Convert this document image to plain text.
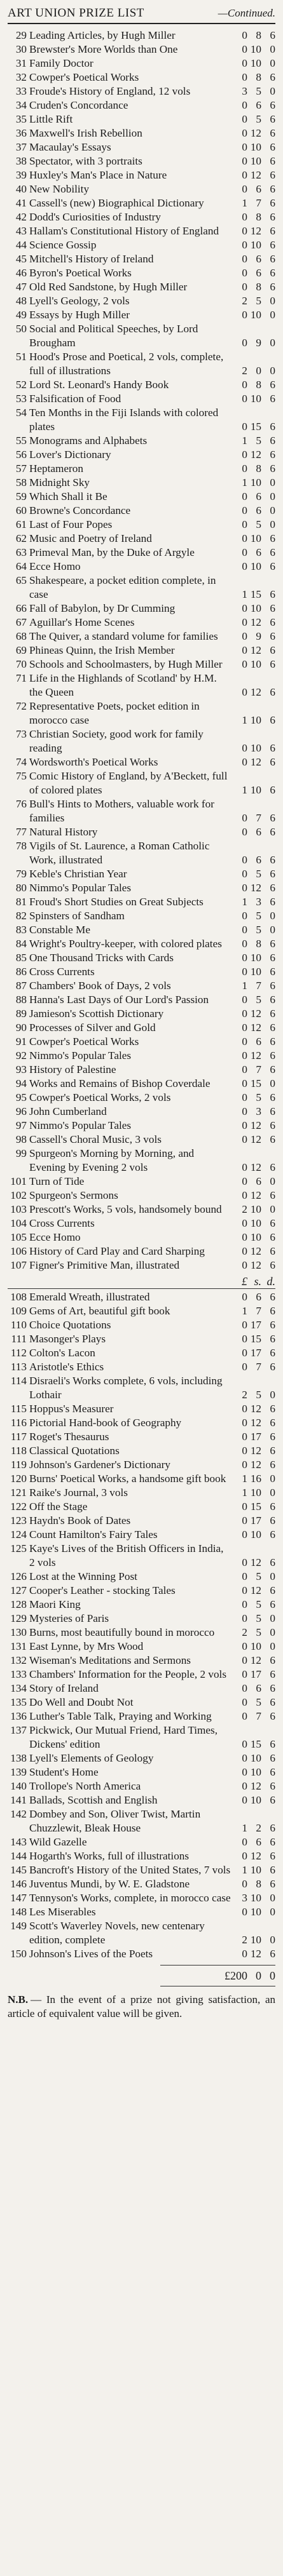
ART UNION PRIZE LIST	—Continued.
29 Leading Articles, by Hugh Miller	0 8 6
30 Brewster's More Worlds than One	0 10 0
31 Family Doctor	0 10 0
32 Cowper's Poetical Works	0 8 6
33 Froude's History of England, 12 vols	3 5 0
34 Cruden's Concordance	0 6 6
35 Little Rift	0 5 6
36 Maxwell's Irish Rebellion	0 12 6
37 Macaulay's Essays	0 10 6
38 Spectator, with 3 portraits	0 10 6
39 Huxley's Man's Place in Nature	0 12 6
40 New Nobility	0 6 6
41 Cassell's (new) Biographical Dictionary	1 7 6
42 Dodd's Curiosities of Industry	0 8 6
43 Hallam's Constitutional History of England	0 12 6
44 Science Gossip	0 10 6
45 Mitchell's History of Ireland	0 6 6
46 Byron's Poetical Works	0 6 6
47 Old Red Sandstone, by Hugh Miller	0 8 6
48 Lyell's Geology, 2 vols	2 5 0
49 Essays by Hugh Miller	0 10 0
50 Social and Political Speeches, by Lord Brougham	0 9 0
51 Hood's Prose and Poetical, 2 vols, complete, full of illustrations	2 0 0
52 Lord St. Leonard's Handy Book	0 8 6
53 Falsification of Food	0 10 6
54 Ten Months in the Fiji Islands with colored plates	0 15 6
55 Monograms and Alphabets	1 5 6
56 Lover's Dictionary	0 12 6
57 Heptameron	0 8 6
58 Midnight Sky	1 10 0
59 Which Shall it Be	0 6 0
60 Browne's Concordance	0 6 0
61 Last of Four Popes	0 5 0
62 Music and Poetry of Ireland	0 10 6
63 Primeval Man, by the Duke of Argyle	0 6 6
64 Ecce Homo	0 10 6
65 Shakespeare, a pocket edition complete, in case	1 15 6
66 Fall of Babylon, by Dr Cumming	0 10 6
67 Aguillar's Home Scenes	0 12 6
68 The Quiver, a standard volume for families	0 9 6
69 Phineas Quinn, the Irish Member	0 12 6
70 Schools and Schoolmasters, by Hugh Miller	0 10 6
71 Life in the Highlands of Scotland' by H.M. the Queen	0 12 6
72 Representative Poets, pocket edition in morocco case	1 10 6
73 Christian Society, good work for family reading	0 10 6
74 Wordsworth's Poetical Works	0 12 6
75 Comic History of England, by A'Beckett, full of colored plates	1 10 6
76 Bull's Hints to Mothers, valuable work for families	0 7 6
77 Natural History	0 6 6
78 Vigils of St. Laurence, a Roman Catholic Work, illustrated	0 6 6
79 Keble's Christian Year	0 5 6
80 Nimmo's Popular Tales	0 12 6
81 Froud's Short Studies on Great Subjects	1 3 6
82 Spinsters of Sandham	0 5 0
83 Constable Me	0 5 0
84 Wright's Poultry-keeper, with colored plates	0 8 6
85 One Thousand Tricks with Cards	0 10 6
86 Cross Currents	0 10 6
87 Chambers' Book of Days, 2 vols	1 7 6
88 Hanna's Last Days of Our Lord's Passion	0 5 6
89 Jamieson's Scottish Dictionary	0 12 6
90 Processes of Silver and Gold	0 12 6
91 Cowper's Poetical Works	0 6 6
92 Nimmo's Popular Tales	0 12 6
93 History of Palestine	0 7 6
94 Works and Remains of Bishop Coverdale	0 15 0
95 Cowper's Poetical Works, 2 vols	0 5 6
96 John Cumberland	0 3 6
97 Nimmo's Popular Tales	0 12 6
98 Cassell's Choral Music, 3 vols	0 12 6
99 Spurgeon's Morning by Morning, and Evening by Evening 2 vols	0 12 6
101 Turn of Tide	0 6 0
102 Spurgeon's Sermons	0 12 6
103 Prescott's Works, 5 vols, handsomely bound	2 10 0
104 Cross Currents	0 10 6
105 Ecce Homo	0 10 6
106 History of Card Play and Card Sharping	0 12 6
107 Figner's Primitive Man, illustrated	0 12 6
£ s. d.
108 Emerald Wreath, illustrated	0 6 6
109 Gems of Art, beautiful gift book	1 7 6
110 Choice Quotations	0 17 6
111 Masonger's Plays	0 15 6
112 Colton's Lacon	0 17 6
113 Aristotle's Ethics	0 7 6
114 Disraeli's Works complete, 6 vols, including Lothair	2 5 0
115 Hoppus's Measurer	0 12 6
116 Pictorial Hand-book of Geography	0 12 6
117 Roget's Thesaurus	0 17 6
118 Classical Quotations	0 12 6
119 Johnson's Gardener's Dictionary	0 12 6
120 Burns' Poetical Works, a handsome gift book	1 16 0
121 Raike's Journal, 3 vols	1 10 0
122 Off the Stage	0 15 6
123 Haydn's Book of Dates	0 17 6
124 Count Hamilton's Fairy Tales	0 10 6
125 Kaye's Lives of the British Officers in India, 2 vols	0 12 6
126 Lost at the Winning Post	0 5 0
127 Cooper's Leather - stocking Tales	0 12 6
128 Maori King	0 5 6
129 Mysteries of Paris	0 5 0
130 Burns, most beautifully bound in morocco	2 5 0
131 East Lynne, by Mrs Wood	0 10 0
132 Wiseman's Meditations and Sermons	0 12 6
133 Chambers' Information for the People, 2 vols	0 17 6
134 Story of Ireland	0 6 6
135 Do Well and Doubt Not	0 5 6
136 Luther's Table Talk, Praying and Working	0 7 6
137 Pickwick, Our Mutual Friend, Hard Times, Dickens' edition	0 15 6
138 Lyell's Elements of Geology	0 10 6
139 Student's Home	0 10 6
140 Trollope's North America	0 12 6
141 Ballads, Scottish and English	0 10 6
142 Dombey and Son, Oliver Twist, Martin Chuzzlewit, Bleak House	1 2 6
143 Wild Gazelle	0 6 6
144 Hogarth's Works, full of illustrations	0 12 6
145 Bancroft's History of the United States, 7 vols	1 10 6
146 Juventus Mundi, by W. E. Gladstone	0 8 6
147 Tennyson's Works, complete, in morocco case	3 10 0
148 Les Miserables	0 10 0
149 Scott's Waverley Novels, new centenary edition, complete	2 10 0
150 Johnson's Lives of the Poets	0 12 6
£200 0 0
N.B. — In the event of a prize not giving satisfaction, an article of equivalent value will be given.
